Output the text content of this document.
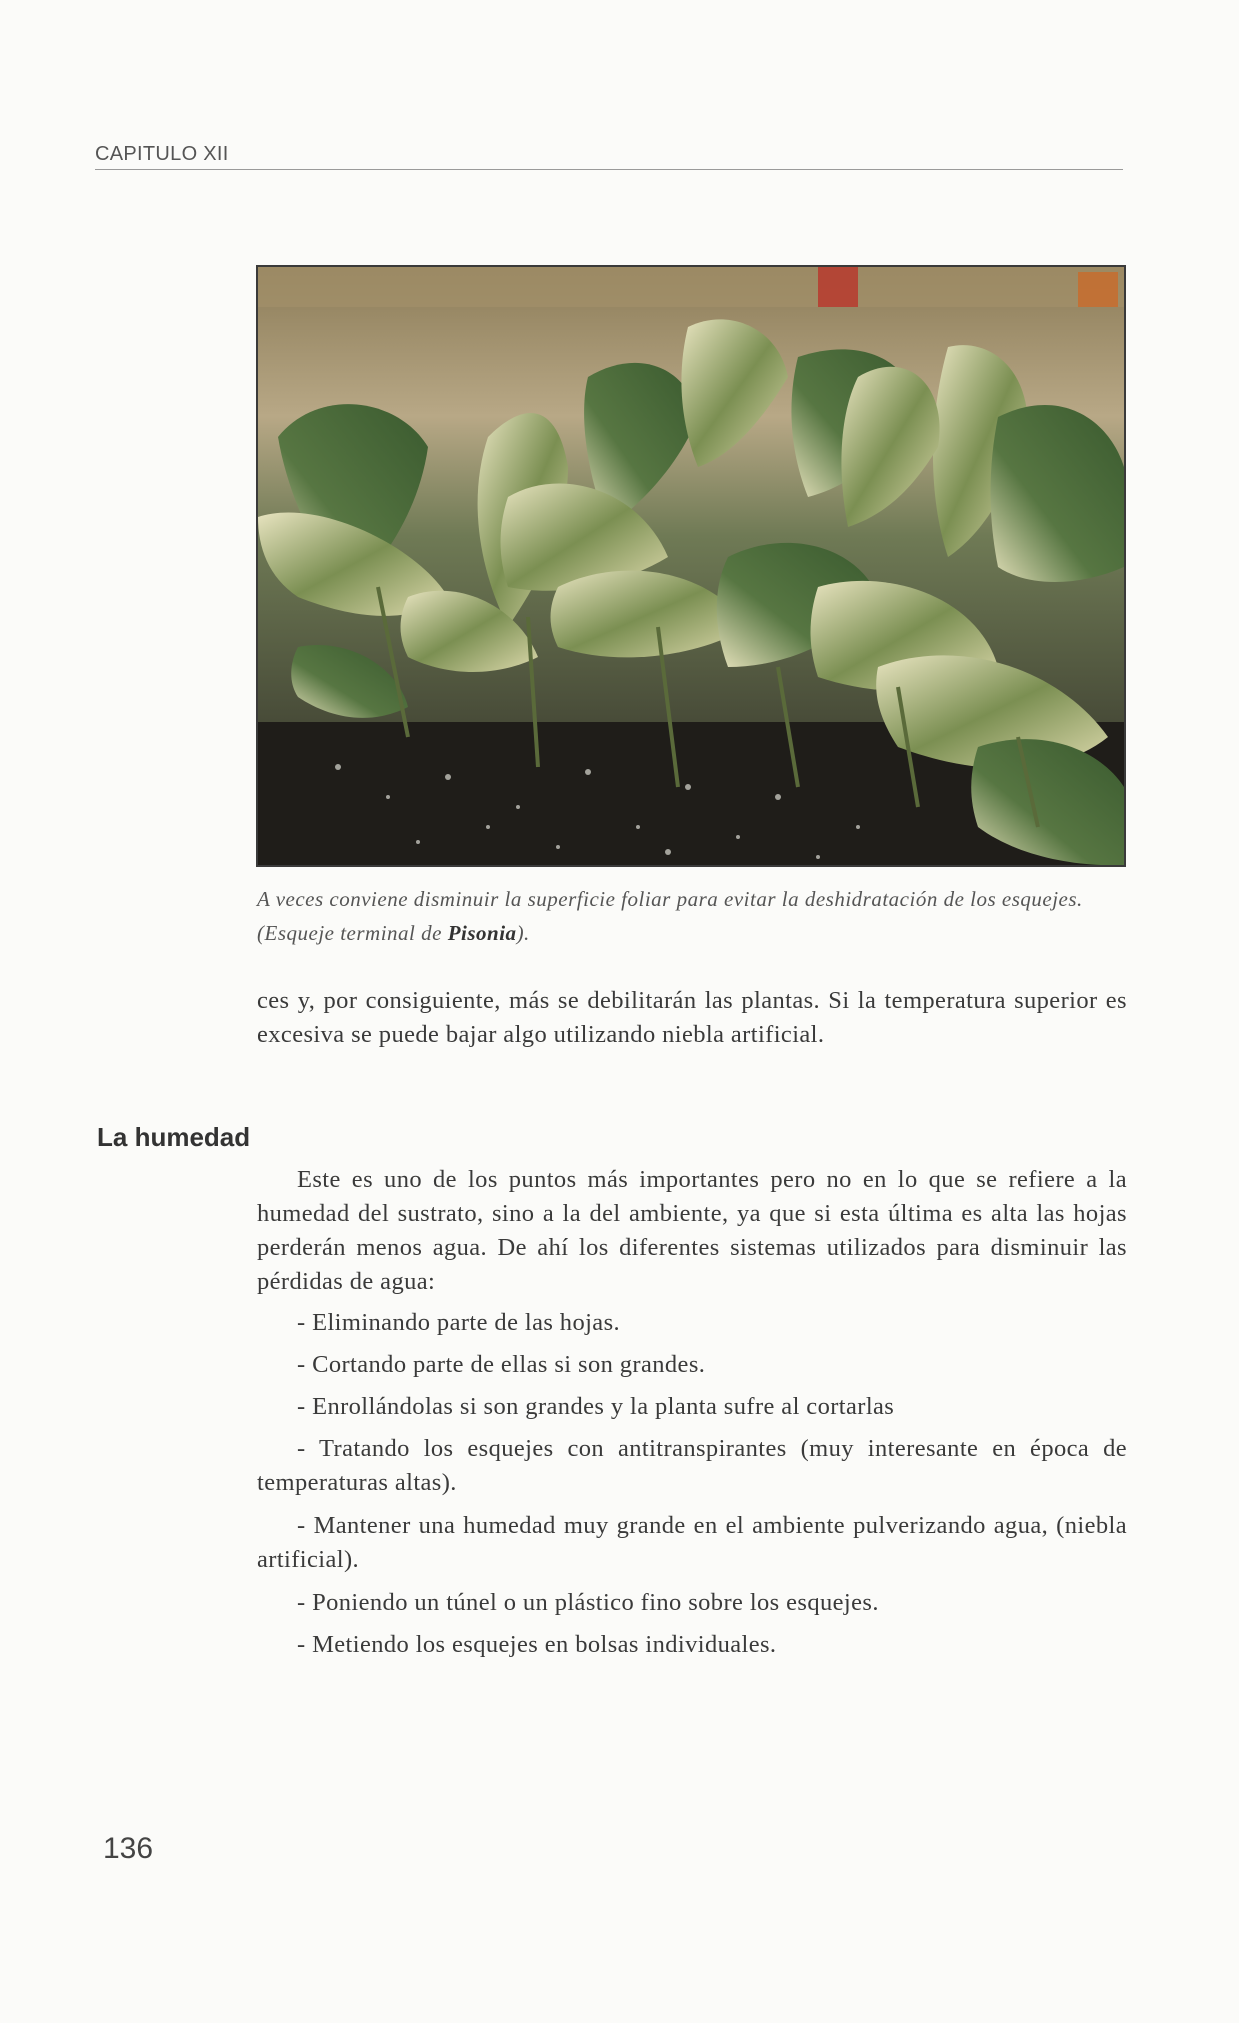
CAPITULO XII
A veces conviene disminuir la superficie foliar para evitar la deshidratación de los esquejes. (Esqueje terminal de Pisonia).
ces y, por consiguiente, más se debilitarán las plantas. Si la temperatura superior es excesiva se puede bajar algo utilizando niebla artificial.
La humedad
Este es uno de los puntos más importantes pero no en lo que se refiere a la humedad del sustrato, sino a la del ambiente, ya que si esta última es alta las hojas perderán menos agua. De ahí los diferentes sistemas utilizados para disminuir las pérdidas de agua:
- Eliminando parte de las hojas.
- Cortando parte de ellas si son grandes.
- Enrollándolas si son grandes y la planta sufre al cortarlas
- Tratando los esquejes con antitranspirantes (muy interesante en época de temperaturas altas).
- Mantener una humedad muy grande en el ambiente pulverizando agua, (niebla artificial).
- Poniendo un túnel o un plástico fino sobre los esquejes.
- Metiendo los esquejes en bolsas individuales.
136
